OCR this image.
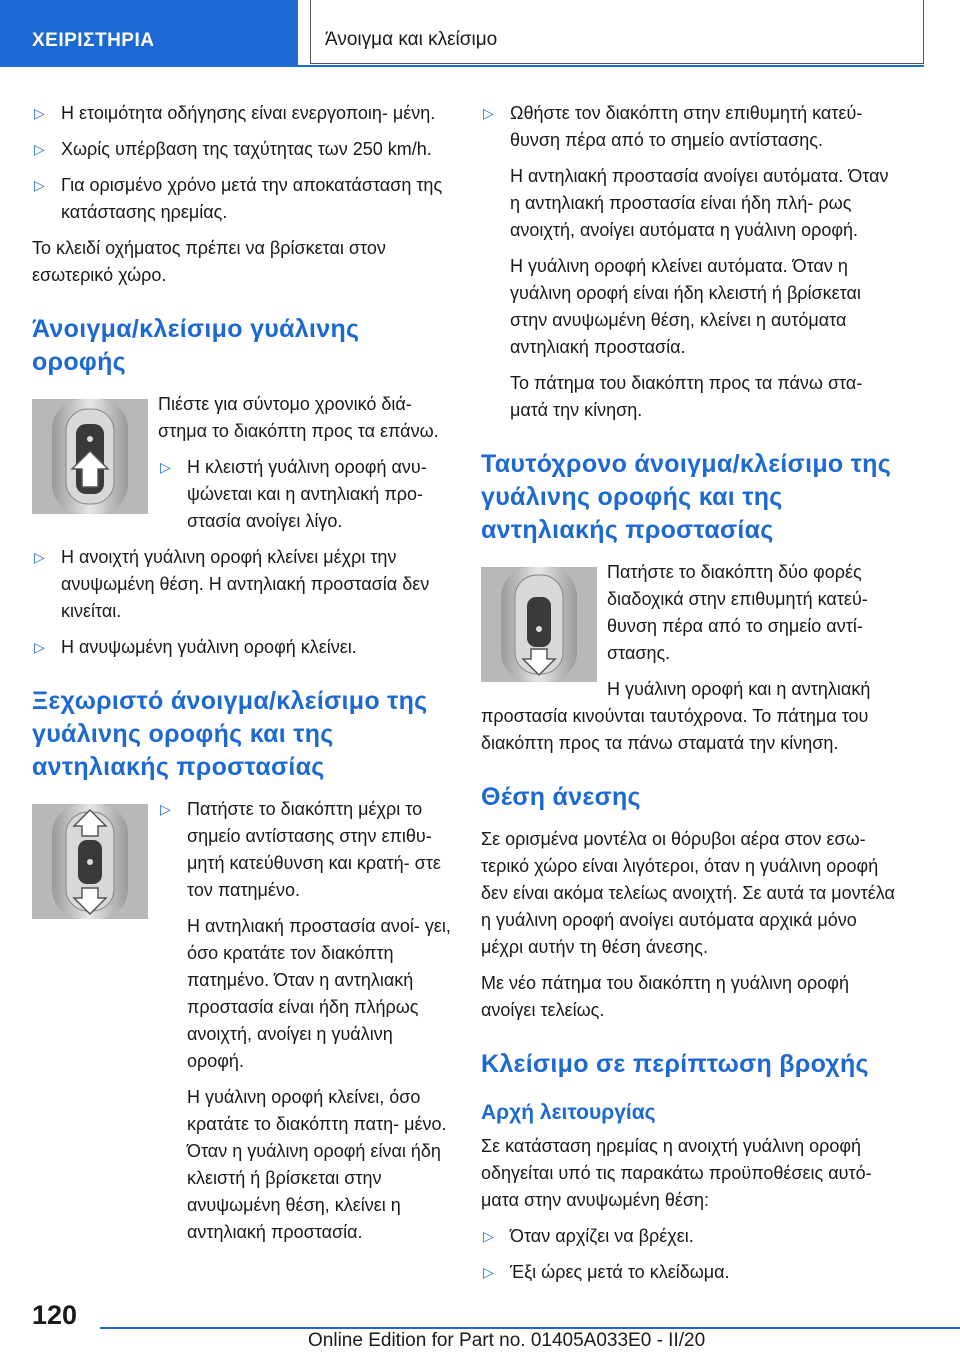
ΧΕΙΡΙΣΤΗΡΙΑ	Άνοιγμα και κλείσιμο
▷ Η ετοιμότητα οδήγησης είναι ενεργοποιη‐ μένη.
▷ Χωρίς υπέρβαση της ταχύτητας των 250 km/h.
▷ Για ορισμένο χρόνο μετά την αποκατάσταση της κατάστασης ηρεμίας.

Το κλειδί οχήματος πρέπει να βρίσκεται στον εσωτερικό χώρο.

Άνοιγμα/κλείσιμο γυάλινης οροφής

Πιέστε για σύντομο χρονικό διά‐ στημα το διακόπτη προς τα επάνω.

▷ Η κλειστή γυάλινη οροφή ανυ‐ ψώνεται και η αντηλιακή προ‐ στασία ανοίγει λίγο.
▷ Η ανοιχτή γυάλινη οροφή κλείνει μέχρι την ανυψωμένη θέση. Η αντηλιακή προστασία δεν κινείται.
▷ Η ανυψωμένη γυάλινη οροφή κλείνει.
Ξεχωριστό άνοιγμα/κλείσιμο της γυάλινης οροφής και της αντηλιακής προστασίας
▷ Πατήστε το διακόπτη μέχρι το σημείο αντίστασης στην επιθυ‐ μητή κατεύθυνση και κρατή‐ στε τον πατημένο.

Η αντηλιακή προστασία ανοί‐ γει, όσο κρατάτε τον διακόπτη πατημένο. Όταν η αντηλιακή προστασία είναι ήδη πλήρως ανοιχτή, ανοίγει η γυάλινη οροφή.

Η γυάλινη οροφή κλείνει, όσο κρατάτε το διακόπτη πατη‐ μένο. Όταν η γυάλινη οροφή είναι ήδη κλειστή ή βρίσκεται στην ανυψωμένη θέση, κλείνει η αντηλιακή προστασία.

▷ Ωθήστε τον διακόπτη στην επιθυμητή κατεύ‐ θυνση πέρα από το σημείο αντίστασης.

Η αντηλιακή προστασία ανοίγει αυτόματα. Όταν η αντηλιακή προστασία είναι ήδη πλή‐ ρως ανοιχτή, ανοίγει αυτόματα η γυάλινη οροφή.

Η γυάλινη οροφή κλείνει αυτόματα. Όταν η γυάλινη οροφή είναι ήδη κλειστή ή βρίσκεται στην ανυψωμένη θέση, κλείνει η αυτόματα αντηλιακή προστασία.

Το πάτημα του διακόπτη προς τα πάνω στα‐ ματά την κίνηση.

Ταυτόχρονο άνοιγμα/κλείσιμο της γυάλινης οροφής και της αντηλιακής προστασίας

Πατήστε το διακόπτη δύο φορές διαδοχικά στην επιθυμητή κατεύ‐ θυνση πέρα από το σημείο αντί‐ στασης.

Η γυάλινη οροφή και η αντηλιακή

προστασία κινούνται ταυτόχρονα. Το πάτημα του διακόπτη προς τα πάνω σταματά την κίνηση.

Θέση άνεσης

Σε ορισμένα μοντέλα οι θόρυβοι αέρα στον εσω‐ τερικό χώρο είναι λιγότεροι, όταν η γυάλινη οροφή δεν είναι ακόμα τελείως ανοιχτή. Σε αυτά τα μοντέλα η γυάλινη οροφή ανοίγει αυτόματα αρχικά μόνο μέχρι αυτήν τη θέση άνεσης.

Με νέο πάτημα του διακόπτη η γυάλινη οροφή ανοίγει τελείως.

Κλείσιμο σε περίπτωση βροχής
Αρχή λειτουργίας

Σε κατάσταση ηρεμίας η ανοιχτή γυάλινη οροφή οδηγείται υπό τις παρακάτω προϋποθέσεις αυτό‐ ματα στην ανυψωμένη θέση:

▷ Όταν αρχίζει να βρέχει.
▷ Έξι ώρες μετά το κλείδωμα.
120
Online Edition for Part no. 01405A033E0 - II/20
